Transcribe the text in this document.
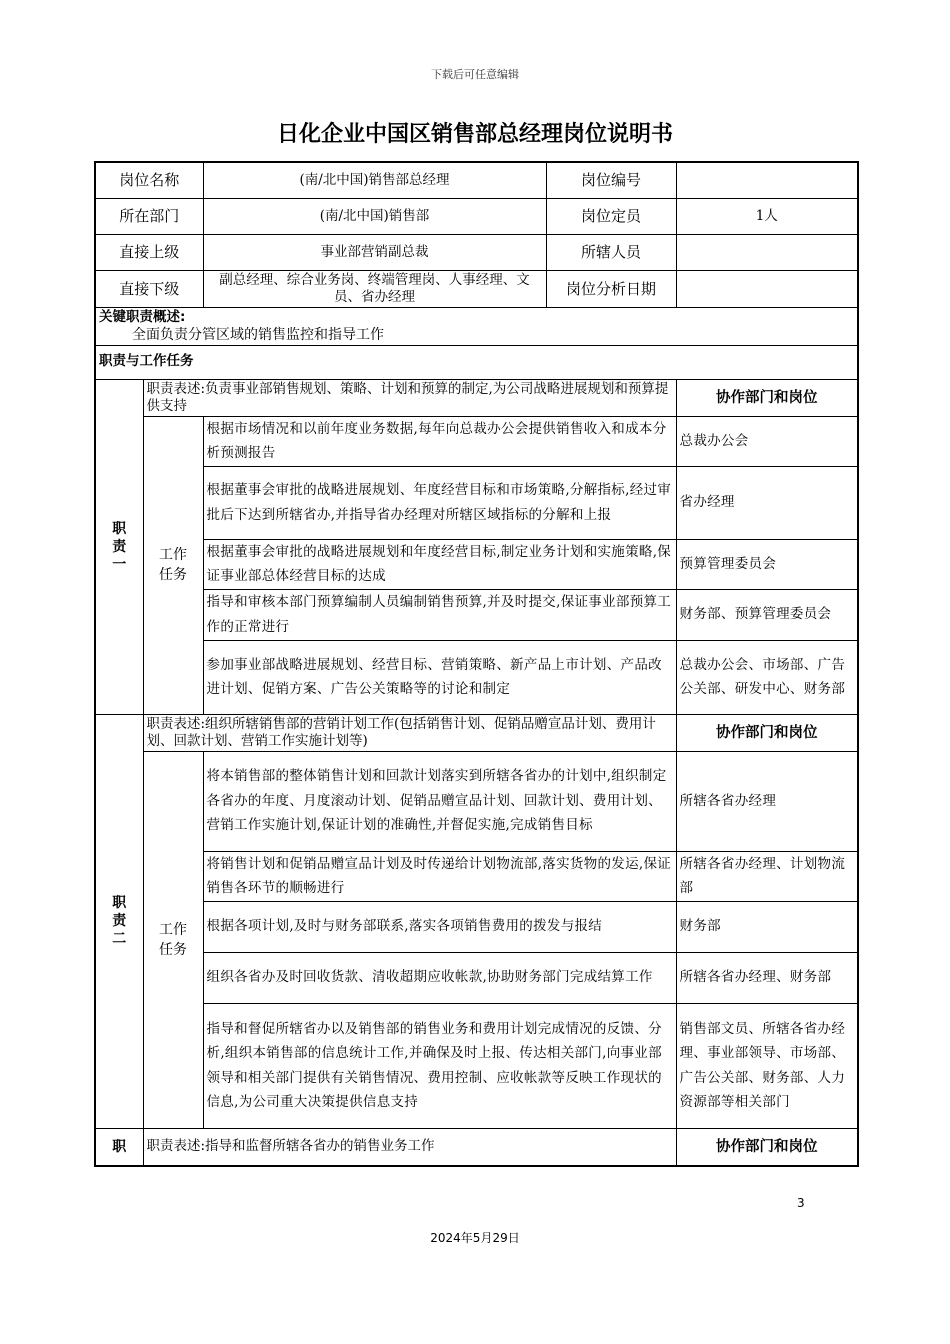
下载后可任意编辑
日化企业中国区销售部总经理岗位说明书
岗位名称		(南/北中国)销售部总经理	岗位编号	
所在部门		(南/北中国)销售部	岗位定员	1人
直接上级		事业部营销副总裁	所辖人员	
直接下级		副总经理、综合业务岗、终端管理岗、人事经理、文员、省办经理	岗位分析日期	

关键职责概述:
全面负责分管区域的销售监控和指导工作				

职责与工作任务				

职责一	职责表述:负责事业部销售规划、策略、计划和预算的制定,为公司战略进展规划和预算提供支持			协作部门和岗位

	工作任务	根据市场情况和以前年度业务数据,每年向总裁办公会提供销售收入和成本分析预测报告		总裁办公会
		根据董事会审批的战略进展规划、年度经营目标和市场策略,分解指标,经过审批后下达到所辖省办,并指导省办经理对所辖区域指标的分解和上报		省办经理
		根据董事会审批的战略进展规划和年度经营目标,制定业务计划和实施策略,保证事业部总体经营目标的达成		预算管理委员会
		指导和审核本部门预算编制人员编制销售预算,并及时提交,保证事业部预算工作的正常进行		财务部、预算管理委员会
		参加事业部战略进展规划、经营目标、营销策略、新产品上市计划、产品改进计划、促销方案、广告公关策略等的讨论和制定		总裁办公会、市场部、广告公关部、研发中心、财务部

职责二	职责表述:组织所辖销售部的营销计划工作(包括销售计划、促销品赠宣品计划、费用计划、回款计划、营销工作实施计划等)			协作部门和岗位

	工作任务	将本销售部的整体销售计划和回款计划落实到所辖各省办的计划中,组织制定各省办的年度、月度滚动计划、促销品赠宣品计划、回款计划、费用计划、营销工作实施计划,保证计划的准确性,并督促实施,完成销售目标		所辖各省办经理
		将销售计划和促销品赠宣品计划及时传递给计划物流部,落实货物的发运,保证销售各环节的顺畅进行		所辖各省办经理、计划物流部
		根据各项计划,及时与财务部联系,落实各项销售费用的拨发与报结		财务部
		组织各省办及时回收货款、清收超期应收帐款,协助财务部门完成结算工作		所辖各省办经理、财务部
		指导和督促所辖省办以及销售部的销售业务和费用计划完成情况的反馈、分析,组织本销售部的信息统计工作,并确保及时上报、传达相关部门,向事业部领导和相关部门提供有关销售情况、费用控制、应收帐款等反映工作现状的信息,为公司重大决策提供信息支持		销售部文员、所辖各省办经理、事业部领导、市场部、广告公关部、财务部、人力资源部等相关部门
职	职责表述:指导和监督所辖各省办的销售业务工作			协作部门和岗位
3
2024年5月29日
